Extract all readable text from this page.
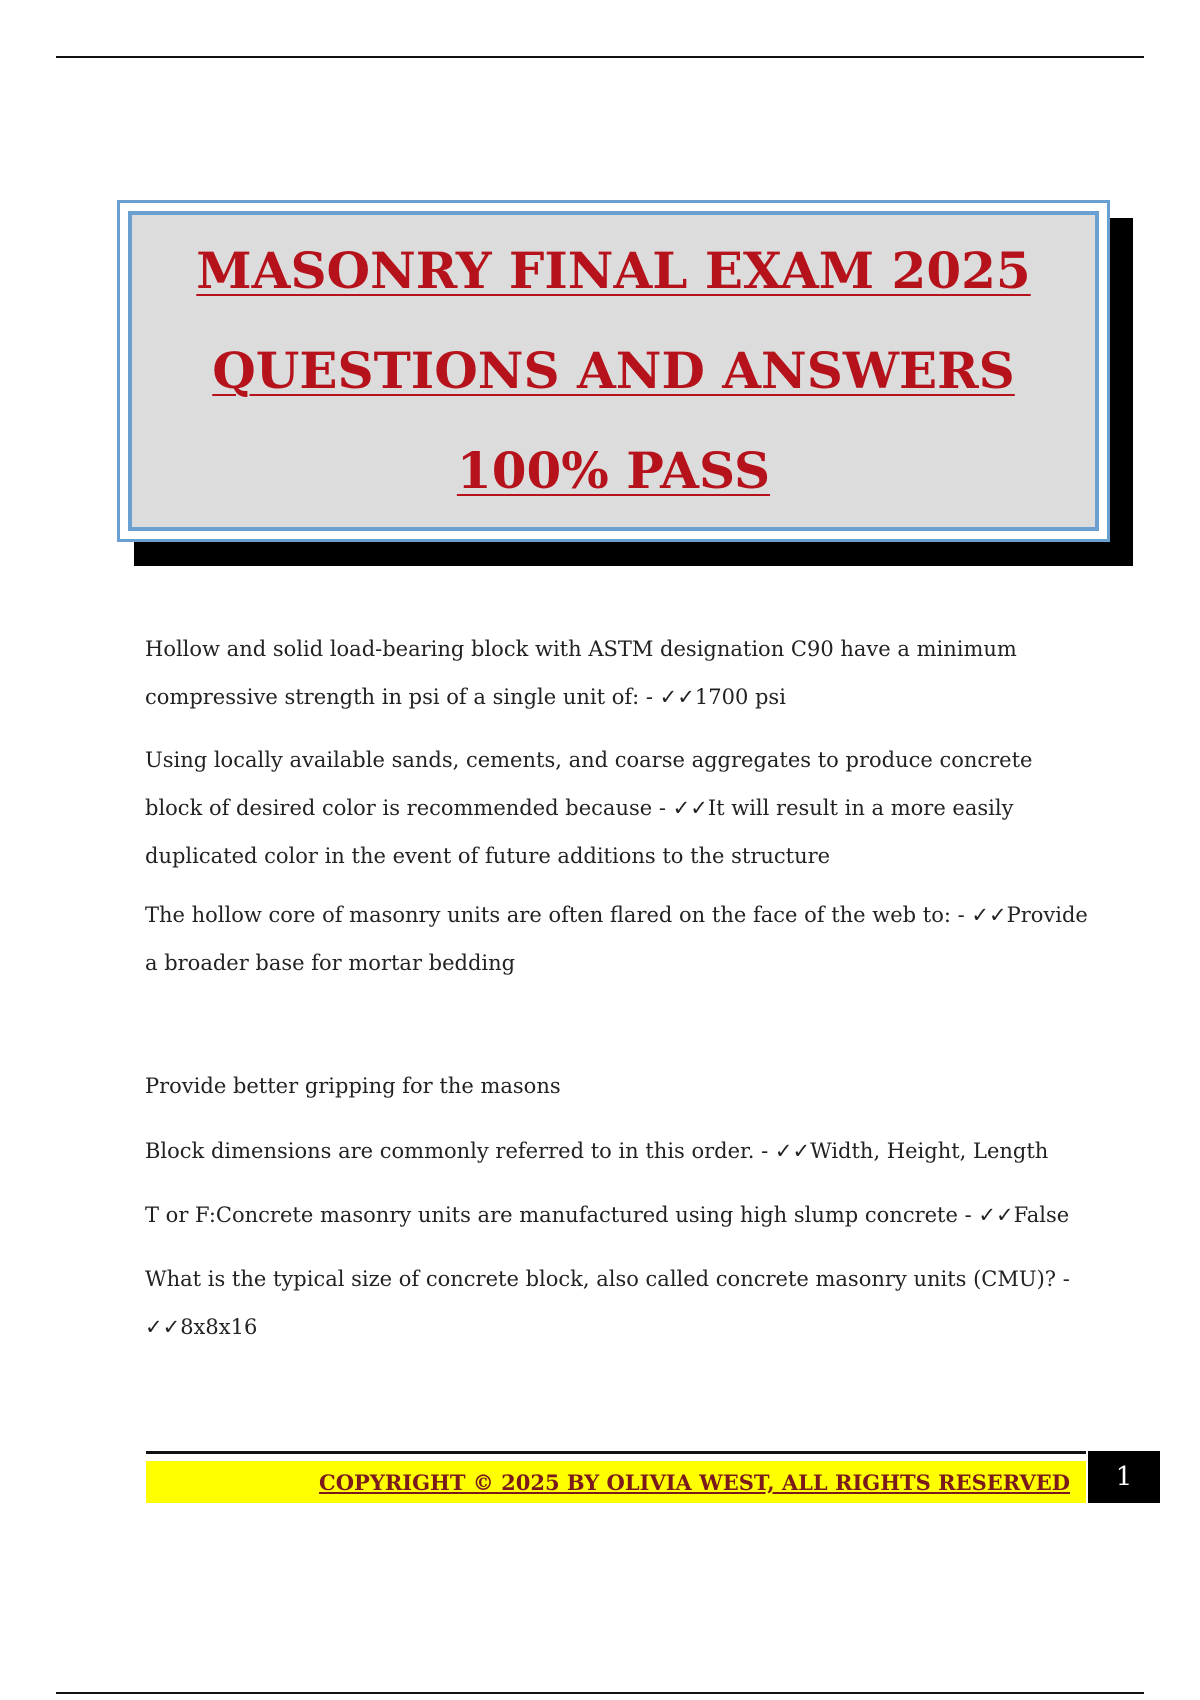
MASONRY FINAL EXAM 2025

QUESTIONS AND ANSWERS

100% PASS

Hollow and solid load-bearing block with ASTM designation C90 have a minimum compressive strength in psi of a single unit of: - ✓✓1700 psi

Using locally available sands, cements, and coarse aggregates to produce concrete block of desired color is recommended because - ✓✓It will result in a more easily duplicated color in the event of future additions to the structure

The hollow core of masonry units are often flared on the face of the web to: - ✓✓Provide a broader base for mortar bedding

Provide better gripping for the masons

Block dimensions are commonly referred to in this order. - ✓✓Width, Height, Length

T or F:Concrete masonry units are manufactured using high slump concrete - ✓✓False

What is the typical size of concrete block, also called concrete masonry units (CMU)? - ✓✓8x8x16

COPYRIGHT © 2025 BY OLIVIA WEST, ALL RIGHTS RESERVED	1
